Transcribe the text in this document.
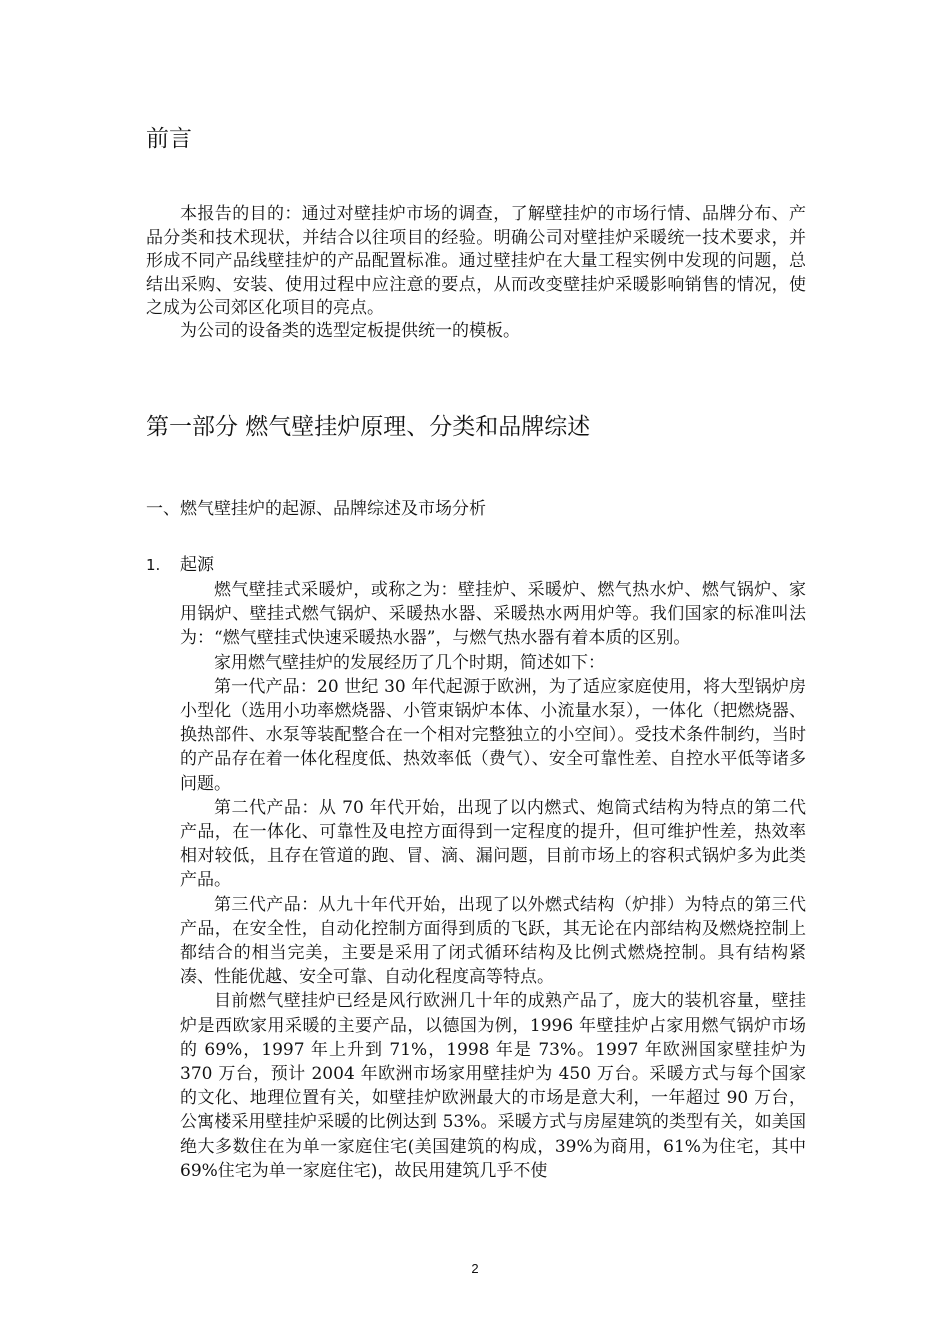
前言

本报告的目的：通过对壁挂炉市场的调查，了解壁挂炉的市场行情、品牌分布、产品分类和技术现状，并结合以往项目的经验。明确公司对壁挂炉采暖统一技术要求，并形成不同产品线壁挂炉的产品配置标准。通过壁挂炉在大量工程实例中发现的问题，总结出采购、安装、使用过程中应注意的要点，从而改变壁挂炉采暖影响销售的情况，使之成为公司郊区化项目的亮点。

为公司的设备类的选型定板提供统一的模板。

第一部分 燃气壁挂炉原理、分类和品牌综述
一、燃气壁挂炉的起源、品牌综述及市场分析
1. 起源

燃气壁挂式采暖炉，或称之为：壁挂炉、采暖炉、燃气热水炉、燃气锅炉、家用锅炉、壁挂式燃气锅炉、采暖热水器、采暖热水两用炉等。我们国家的标准叫法为：“燃气壁挂式快速采暖热水器”，与燃气热水器有着本质的区别。

家用燃气壁挂炉的发展经历了几个时期，简述如下：

第一代产品：20 世纪 30 年代起源于欧洲，为了适应家庭使用，将大型锅炉房小型化（选用小功率燃烧器、小管束锅炉本体、小流量水泵），一体化（把燃烧器、换热部件、水泵等装配整合在一个相对完整独立的小空间）。受技术条件制约，当时的产品存在着一体化程度低、热效率低（费气）、安全可靠性差、自控水平低等诸多问题。

第二代产品：从 70 年代开始，出现了以内燃式、炮筒式结构为特点的第二代产品，在一体化、可靠性及电控方面得到一定程度的提升，但可维护性差，热效率相对较低，且存在管道的跑、冒、滴、漏问题，目前市场上的容积式锅炉多为此类产品。

第三代产品：从九十年代开始，出现了以外燃式结构（炉排）为特点的第三代产品，在安全性，自动化控制方面得到质的飞跃，其无论在内部结构及燃烧控制上都结合的相当完美，主要是采用了闭式循环结构及比例式燃烧控制。具有结构紧凑、性能优越、安全可靠、自动化程度高等特点。

目前燃气壁挂炉已经是风行欧洲几十年的成熟产品了，庞大的装机容量，壁挂炉是西欧家用采暖的主要产品，以德国为例，1996 年壁挂炉占家用燃气锅炉市场的 69%，1997 年上升到 71%，1998 年是 73%。1997 年欧洲国家壁挂炉为 370 万台，预计 2004 年欧洲市场家用壁挂炉为 450 万台。采暖方式与每个国家的文化、地理位置有关，如壁挂炉欧洲最大的市场是意大利，一年超过 90 万台，公寓楼采用壁挂炉采暖的比例达到 53%。采暖方式与房屋建筑的类型有关，如美国绝大多数住在为单一家庭住宅(美国建筑的构成，39%为商用，61%为住宅，其中 69%住宅为单一家庭住宅)，故民用建筑几乎不使

2
